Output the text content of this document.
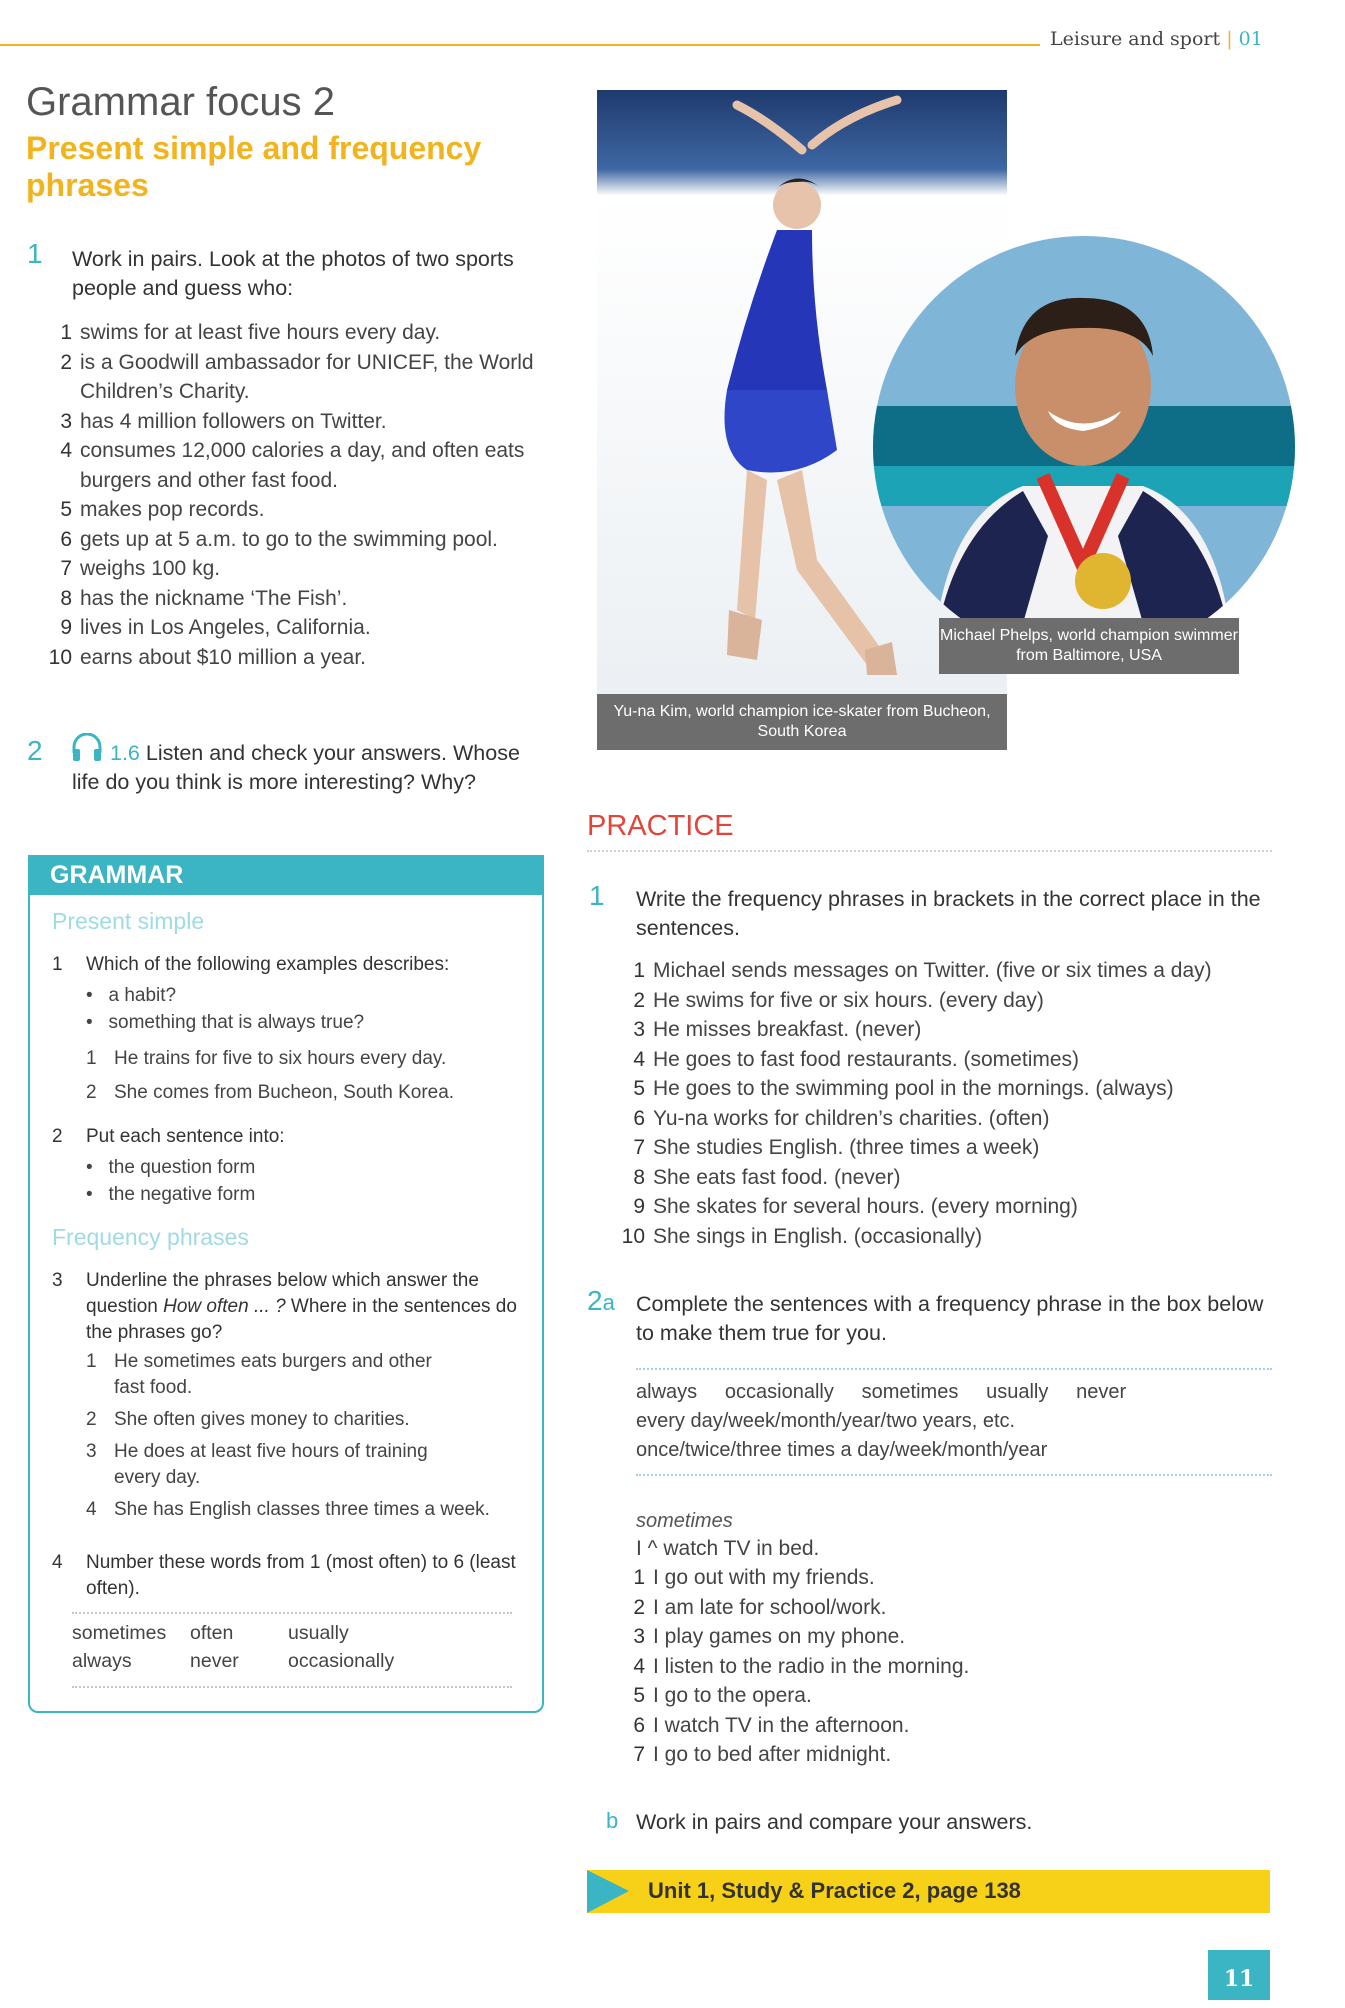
Leisure and sport | 01
Grammar focus 2
Present simple and frequency phrases
1 Work in pairs. Look at the photos of two sports people and guess who:
1 swims for at least five hours every day.
2 is a Goodwill ambassador for UNICEF, the World Children’s Charity.
3 has 4 million followers on Twitter.
4 consumes 12,000 calories a day, and often eats burgers and other fast food.
5 makes pop records.
6 gets up at 5 a.m. to go to the swimming pool.
7 weighs 100 kg.
8 has the nickname ‘The Fish’.
9 lives in Los Angeles, California.
10 earns about $10 million a year.
2	1.6 Listen and check your answers. Whose life do you think is more interesting? Why?
GRAMMAR
Present simple
1	Which of the following examples describes:
•   a habit?
•   something that is always true?
1 He trains for five to six hours every day.
2 She comes from Bucheon, South Korea.
2	Put each sentence into:
•   the question form
•   the negative form
Frequency phrases
3	Underline the phrases below which answer the question How often ... ? Where in the sentences do the phrases go?
1 He sometimes eats burgers and other fast food.
2 She often gives money to charities.
3 He does at least five hours of training every day.
4 She has English classes three times a week.
4	Number these words from 1 (most often) to 6 (least often).
sometimes	often	usually
always	never	occasionally
Michael Phelps, world champion swimmer from Baltimore, USA
Yu-na Kim, world champion ice-skater from Bucheon, South Korea
PRACTICE
1 Write the frequency phrases in brackets in the correct place in the sentences.
1 Michael sends messages on Twitter. (five or six times a day)
2 He swims for five or six hours. (every day)
3 He misses breakfast. (never)
4 He goes to fast food restaurants. (sometimes)
5 He goes to the swimming pool in the mornings. (always)
6 Yu-na works for children’s charities. (often)
7 She studies English. (three times a week)
8 She eats fast food. (never)
9 She skates for several hours. (every morning)
10 She sings in English. (occasionally)
2a Complete the sentences with a frequency phrase in the box below to make them true for you.
always     occasionally     sometimes     usually     never
every day/week/month/year/two years, etc.
once/twice/three times a day/week/month/year
sometimes
I ^ watch TV in bed.
1 I go out with my friends.
2 I am late for school/work.
3 I play games on my phone.
4 I listen to the radio in the morning.
5 I go to the opera.
6 I watch TV in the afternoon.
7 I go to bed after midnight.
b Work in pairs and compare your answers.
Unit 1, Study & Practice 2, page 138
11
